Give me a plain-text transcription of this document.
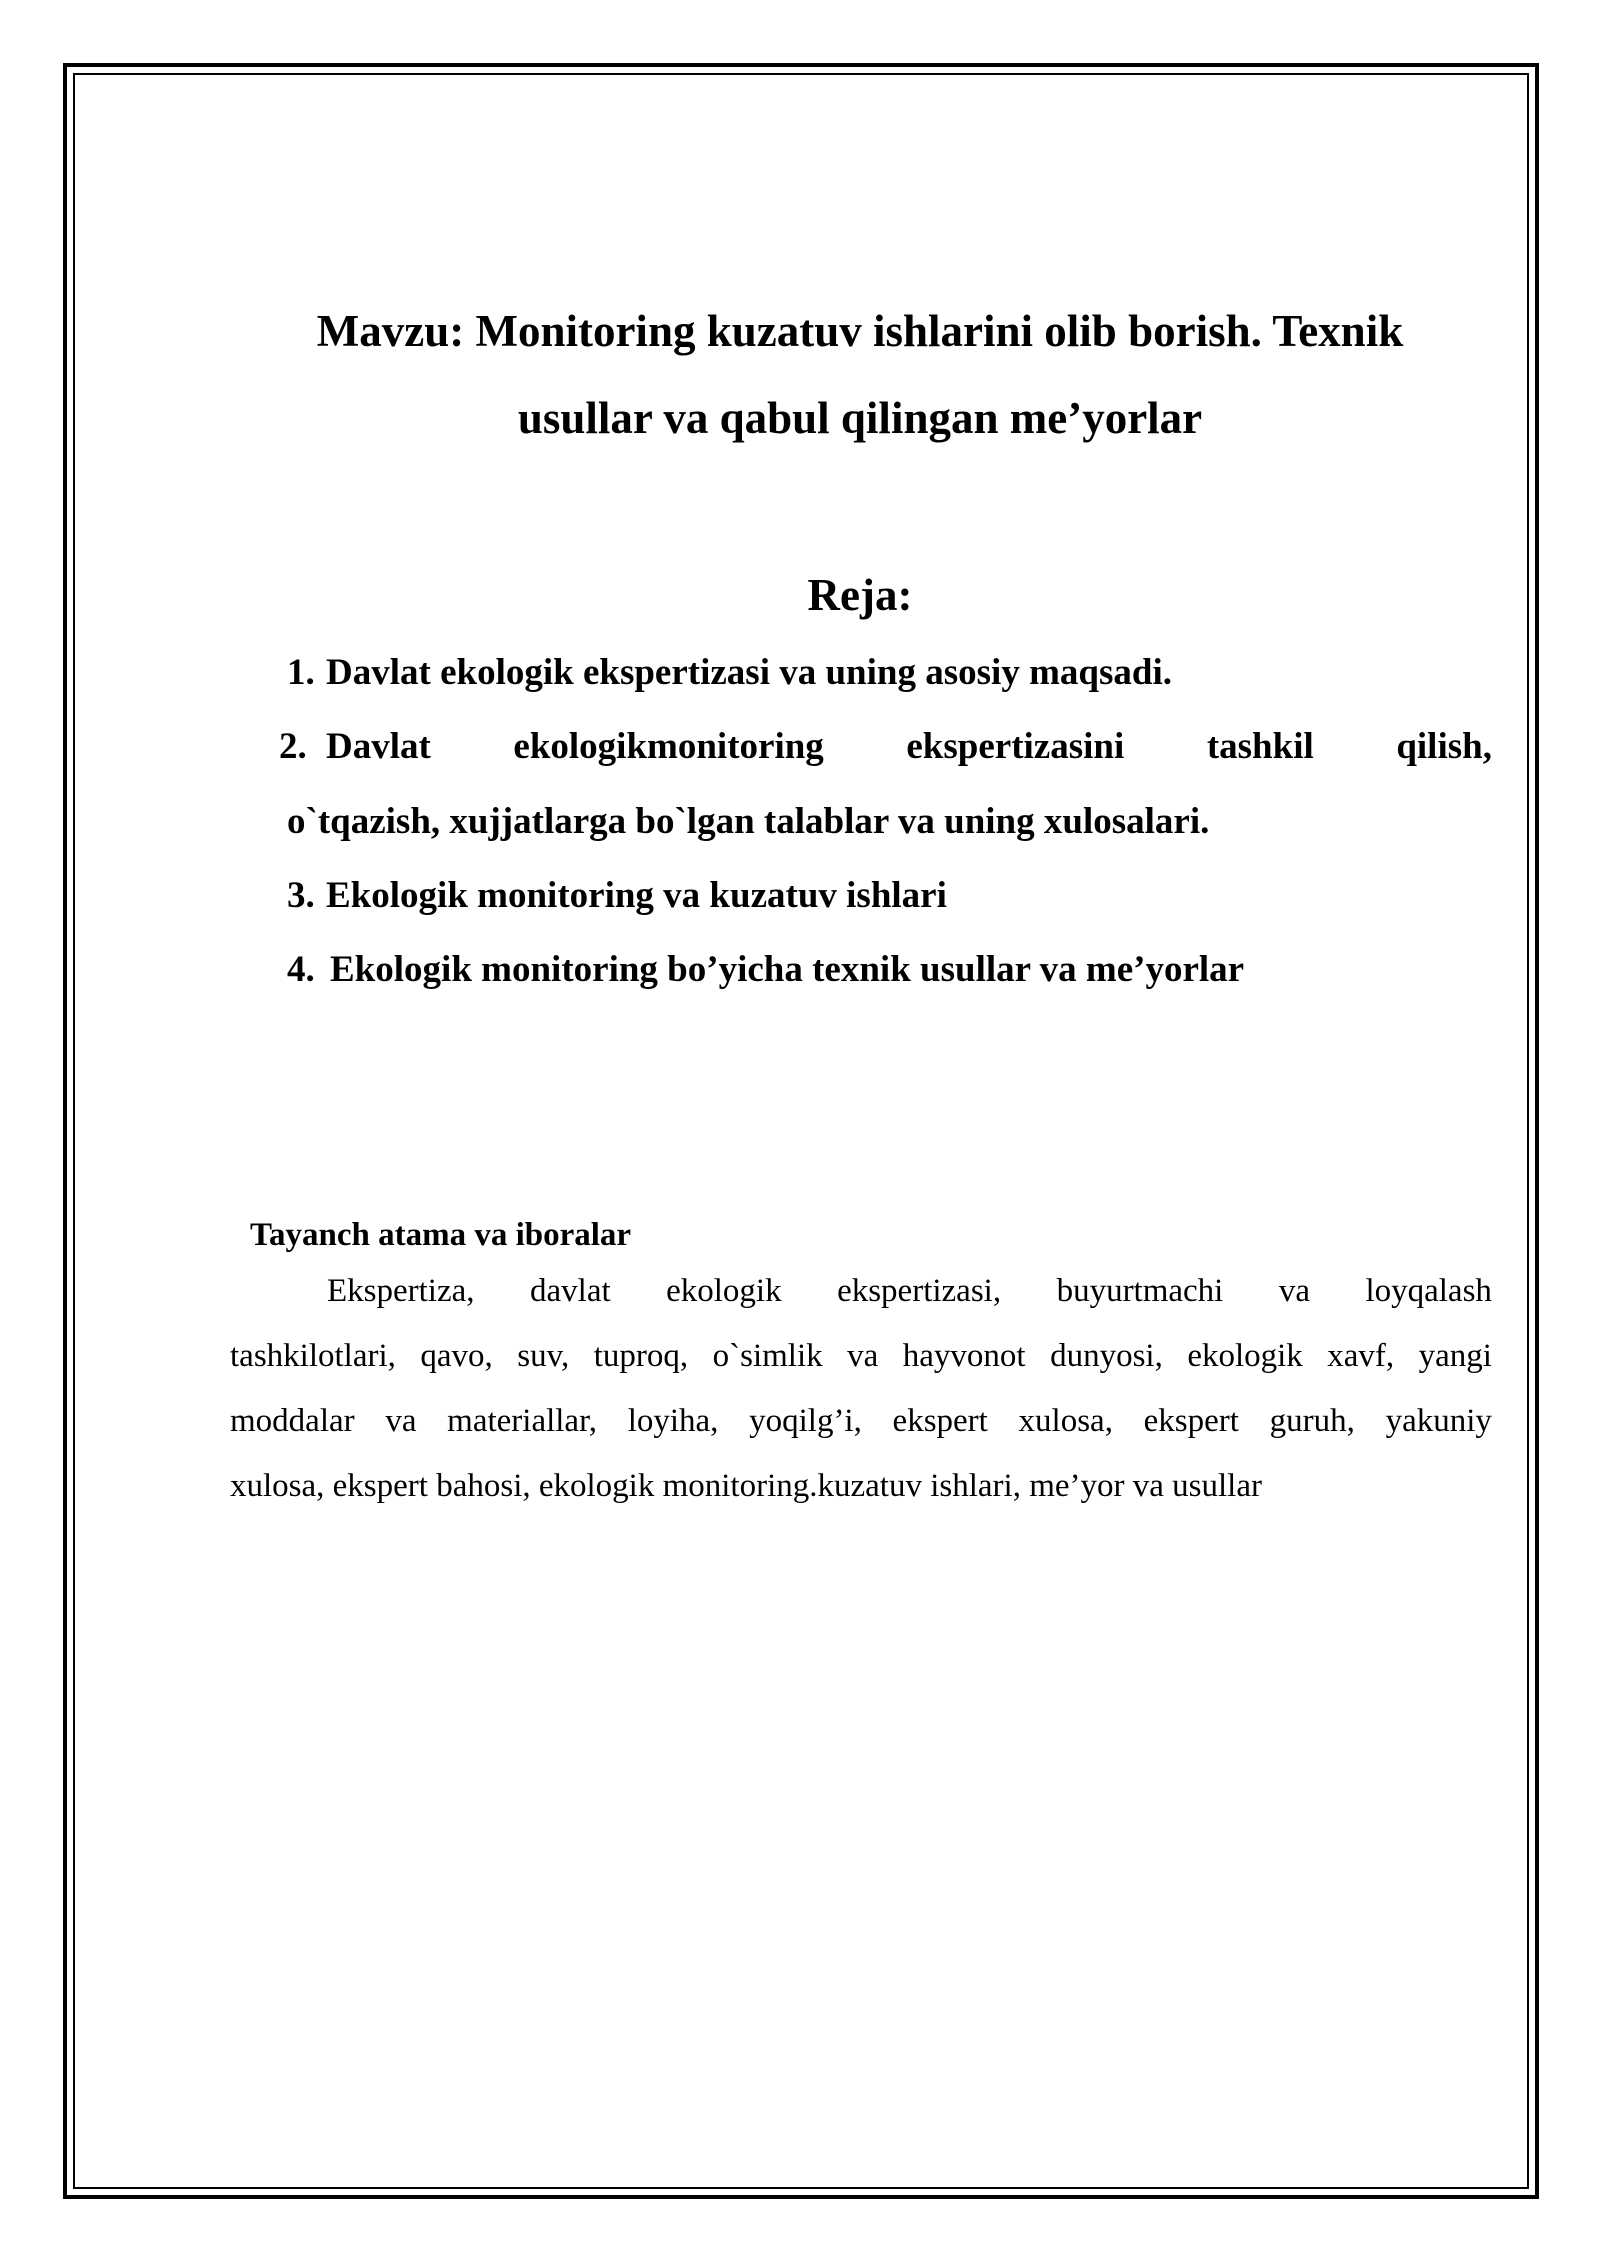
Mavzu: Monitoring kuzatuv ishlarini olib borish. Texnik
usullar va qabul qilingan me’yorlar
Reja:
1. Davlat ekologik ekspertizasi va uning asosiy maqsadi.
2. Davlat ekologikmonitoring ekspertizasini tashkil qilish,
o`tqazish, xujjatlarga bo`lgan talablar va uning xulosalari.
3. Ekologik monitoring va kuzatuv ishlari
4. Ekologik monitoring bo’yicha texnik usullar va me’yorlar
Tayanch atama va iboralar
Ekspertiza, davlat ekologik ekspertizasi, buyurtmachi va loyqalash
tashkilotlari, qavo, suv, tuproq, o`simlik va hayvonot dunyosi, ekologik xavf, yangi
moddalar va materiallar, loyiha, yoqilg’i, ekspert xulosa, ekspert guruh, yakuniy
xulosa, ekspert bahosi, ekologik monitoring.kuzatuv ishlari, me’yor va usullar
